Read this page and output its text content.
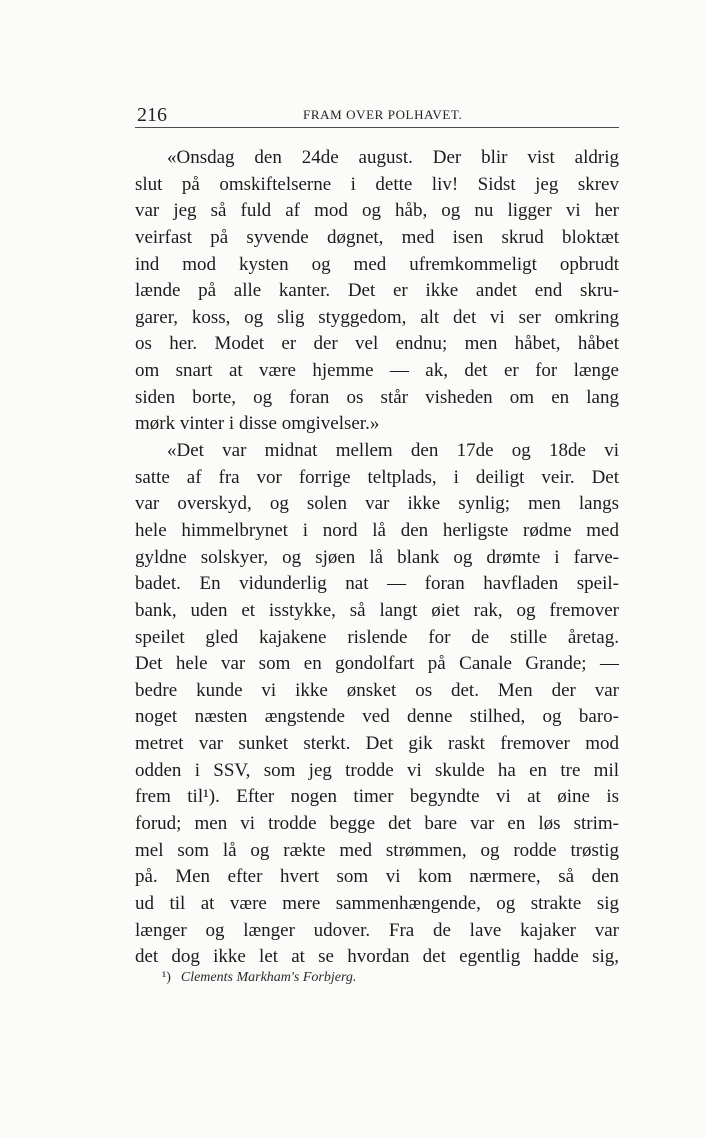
216	FRAM OVER POLHAVET.
«Onsdag den 24de august. Der blir vist aldrig
slut på omskiftelserne i dette liv! Sidst jeg skrev
var jeg så fuld af mod og håb, og nu ligger vi her
veirfast på syvende døgnet, med isen skrud bloktæt
ind mod kysten og med ufremkommeligt opbrudt
lænde på alle kanter. Det er ikke andet end skru-
garer, koss, og slig styggedom, alt det vi ser omkring
os her. Modet er der vel endnu; men håbet, håbet
om snart at være hjemme — ak, det er for længe
siden borte, og foran os står visheden om en lang
mørk vinter i disse omgivelser.»
«Det var midnat mellem den 17de og 18de vi
satte af fra vor forrige teltplads, i deiligt veir. Det
var overskyd, og solen var ikke synlig; men langs
hele himmelbrynet i nord lå den herligste rødme med
gyldne solskyer, og sjøen lå blank og drømte i farve-
badet. En vidunderlig nat — foran havfladen speil-
bank, uden et isstykke, så langt øiet rak, og fremover
speilet gled kajakene rislende for de stille åretag.
Det hele var som en gondolfart på Canale Grande; —
bedre kunde vi ikke ønsket os det. Men der var
noget næsten ængstende ved denne stilhed, og baro-
metret var sunket sterkt. Det gik raskt fremover mod
odden i SSV, som jeg trodde vi skulde ha en tre mil
frem til¹). Efter nogen timer begyndte vi at øine is
forud; men vi trodde begge det bare var en løs strim-
mel som lå og rækte med strømmen, og rodde trøstig
på. Men efter hvert som vi kom nærmere, så den
ud til at være mere sammenhængende, og strakte sig
længer og længer udover. Fra de lave kajaker var
det dog ikke let at se hvordan det egentlig hadde sig,
¹) Clements Markham's Forbjerg.
